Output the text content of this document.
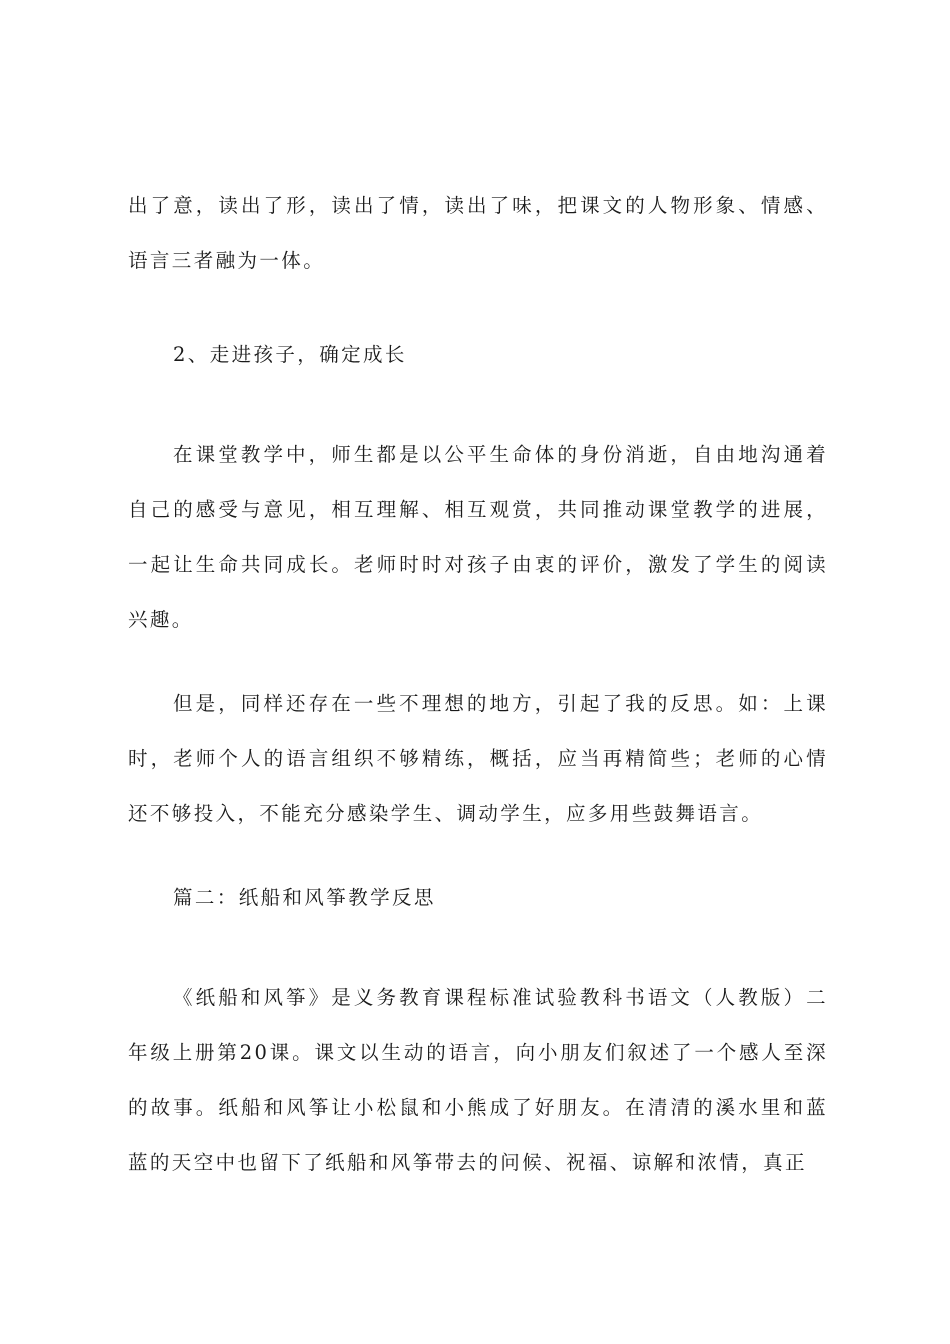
出了意，读出了形，读出了情，读出了味，把课文的人物形象、情感、语言三者融为一体。

2、走进孩子，确定成长

在课堂教学中，师生都是以公平生命体的身份消逝，自由地沟通着自己的感受与意见，相互理解、相互观赏，共同推动课堂教学的进展，一起让生命共同成长。老师时时对孩子由衷的评价，激发了学生的阅读兴趣。

但是，同样还存在一些不理想的地方，引起了我的反思。如：上课时，老师个人的语言组织不够精练，概括，应当再精简些；老师的心情还不够投入，不能充分感染学生、调动学生，应多用些鼓舞语言。

篇二：纸船和风筝教学反思

《纸船和风筝》是义务教育课程标准试验教科书语文（人教版）二年级上册第20课。课文以生动的语言，向小朋友们叙述了一个感人至深的故事。纸船和风筝让小松鼠和小熊成了好朋友。在清清的溪水里和蓝蓝的天空中也留下了纸船和风筝带去的问候、祝福、谅解和浓情，真正
